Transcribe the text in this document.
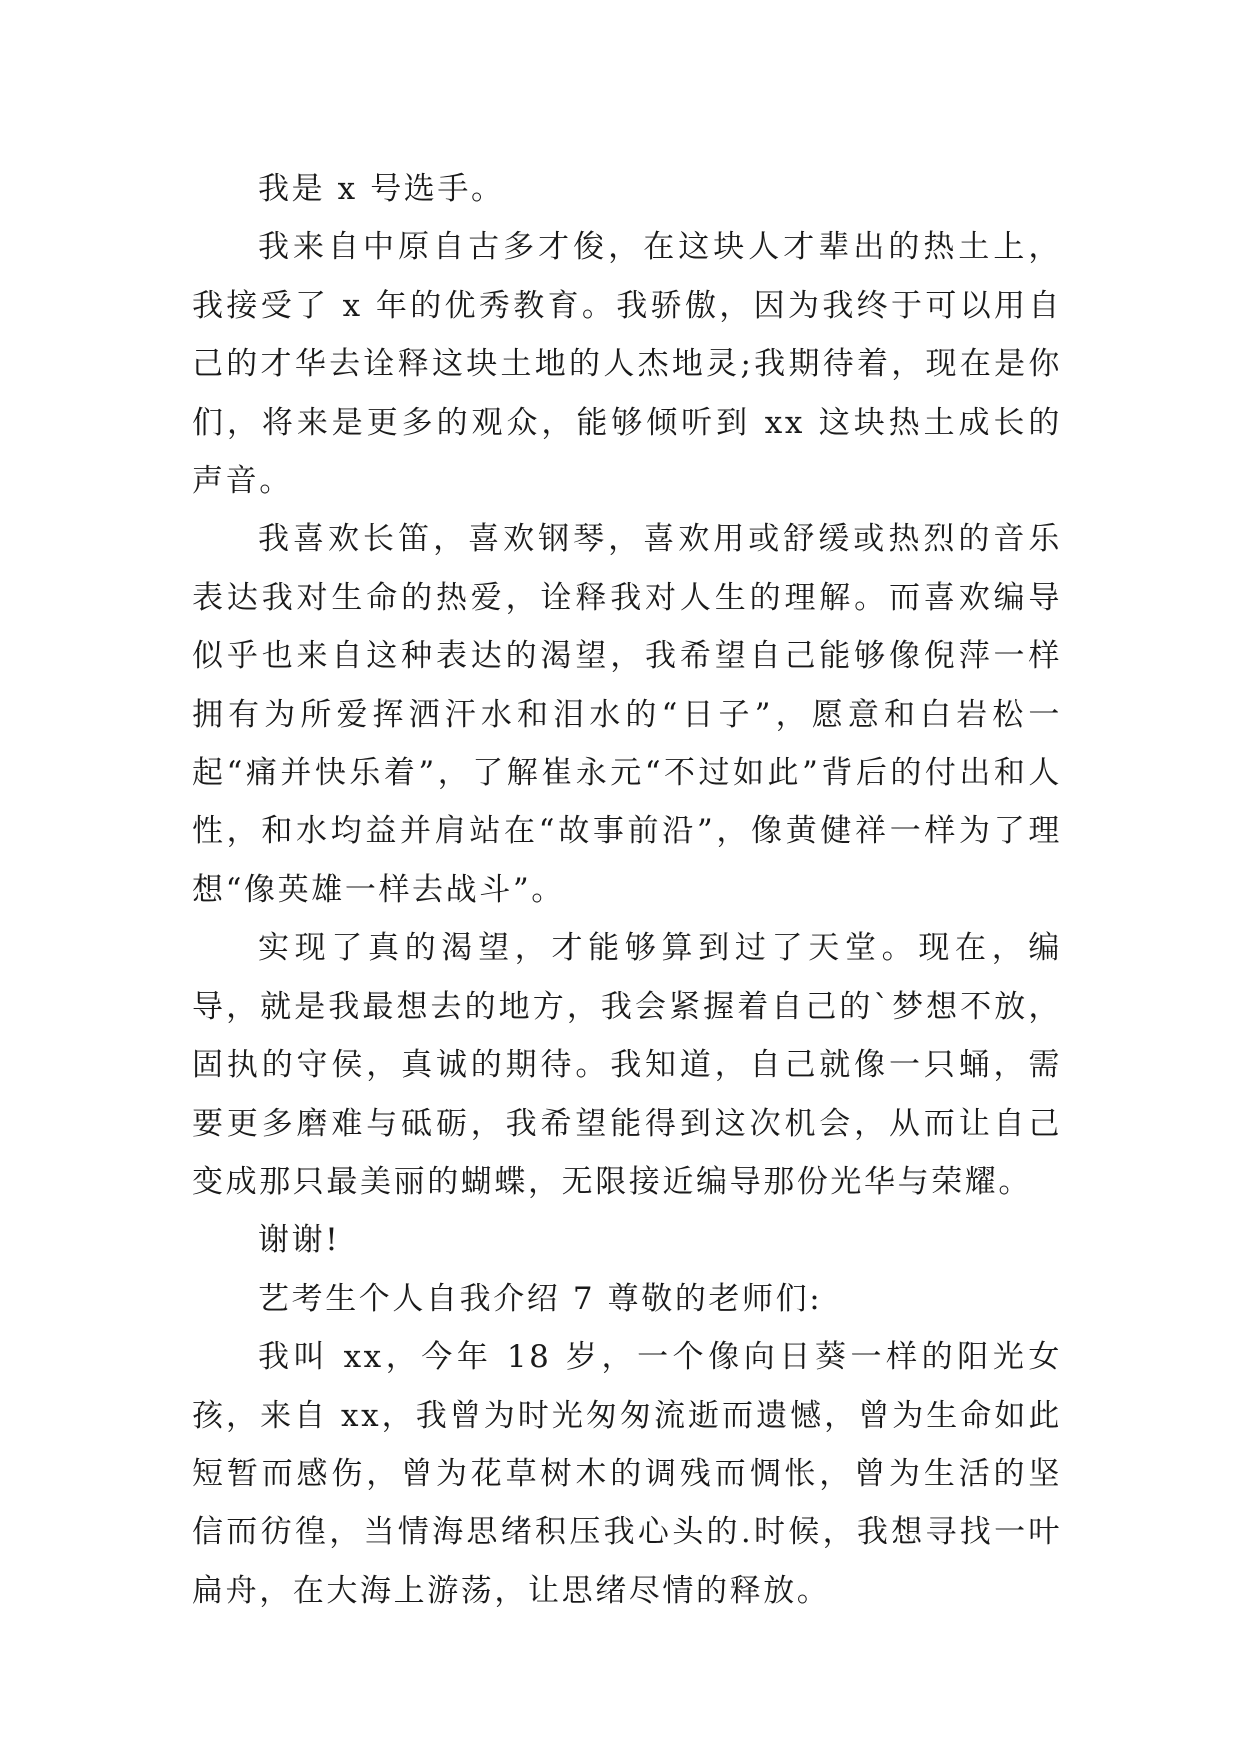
我是 x 号选手。

我来自中原自古多才俊，在这块人才辈出的热土上，我接受了 x 年的优秀教育。我骄傲，因为我终于可以用自己的才华去诠释这块土地的人杰地灵;我期待着，现在是你们，将来是更多的观众，能够倾听到 xx 这块热土成长的声音。

我喜欢长笛，喜欢钢琴，喜欢用或舒缓或热烈的音乐表达我对生命的热爱，诠释我对人生的理解。而喜欢编导似乎也来自这种表达的渴望，我希望自己能够像倪萍一样拥有为所爱挥洒汗水和泪水的“日子”，愿意和白岩松一起“痛并快乐着”，了解崔永元“不过如此”背后的付出和人性，和水均益并肩站在“故事前沿”，像黄健祥一样为了理想“像英雄一样去战斗”。

实现了真的渴望，才能够算到过了天堂。现在，编导，就是我最想去的地方，我会紧握着自己的`梦想不放，固执的守侯，真诚的期待。我知道，自己就像一只蛹，需要更多磨难与砥砺，我希望能得到这次机会，从而让自己变成那只最美丽的蝴蝶，无限接近编导那份光华与荣耀。

谢谢!

艺考生个人自我介绍 7 尊敬的老师们:

我叫 xx，今年 18 岁，一个像向日葵一样的阳光女孩，来自 xx，我曾为时光匆匆流逝而遗憾，曾为生命如此短暂而感伤，曾为花草树木的调残而惆怅，曾为生活的坚信而彷徨，当情海思绪积压我心头的.时候，我想寻找一叶扁舟，在大海上游荡，让思绪尽情的释放。
